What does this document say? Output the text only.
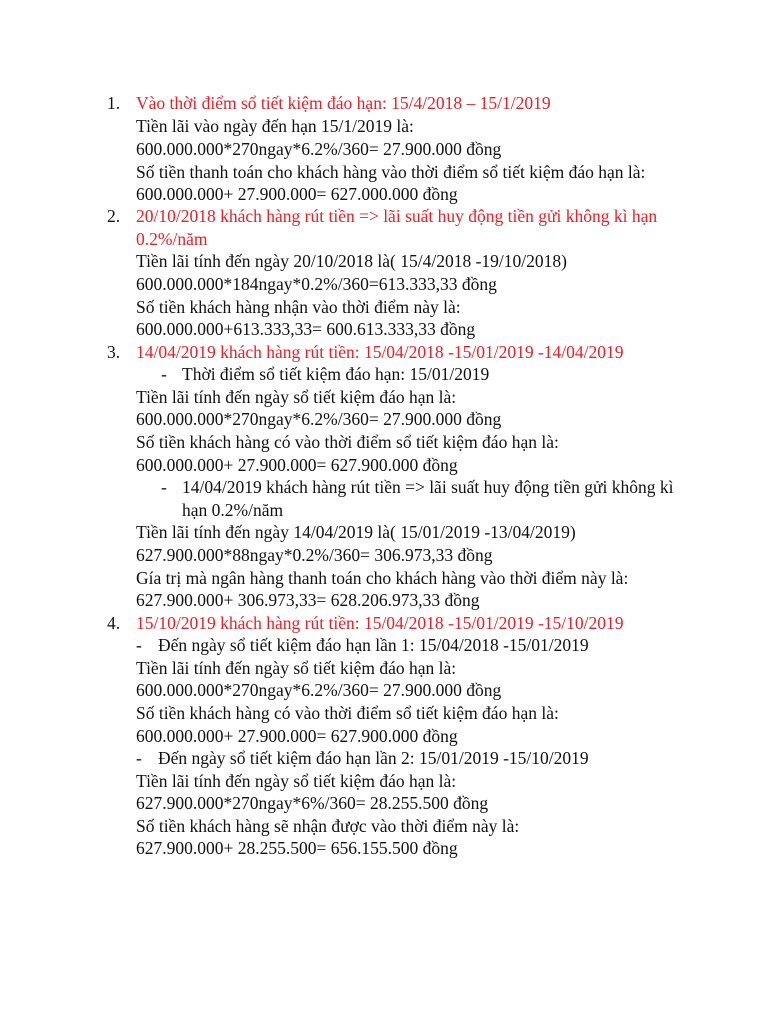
1. Vào thời điểm sổ tiết kiệm đáo hạn: 15/4/2018 – 15/1/2019
Tiền lãi vào ngày đến hạn 15/1/2019 là:
600.000.000*270ngay*6.2%/360= 27.900.000 đồng
Số tiền thanh toán cho khách hàng vào thời điểm sổ tiết kiệm đáo hạn là:
600.000.000+ 27.900.000= 627.000.000 đồng
2. 20/10/2018 khách hàng rút tiền => lãi suất huy động tiền gửi không kì hạn
0.2%/năm
Tiền lãi tính đến ngày 20/10/2018 là( 15/4/2018 -19/10/2018)
600.000.000*184ngay*0.2%/360=613.333,33 đồng
Số tiền khách hàng nhận vào thời điểm này là:
600.000.000+613.333,33= 600.613.333,33 đồng
3. 14/04/2019 khách hàng rút tiền: 15/04/2018 -15/01/2019 -14/04/2019
- Thời điểm sổ tiết kiệm đáo hạn: 15/01/2019
Tiền lãi tính đến ngày sổ tiết kiệm đáo hạn là:
600.000.000*270ngay*6.2%/360= 27.900.000 đồng
Số tiền khách hàng có vào thời điểm sổ tiết kiệm đáo hạn là:
600.000.000+ 27.900.000= 627.900.000 đồng
- 14/04/2019 khách hàng rút tiền => lãi suất huy động tiền gửi không kì
hạn 0.2%/năm
Tiền lãi tính đến ngày 14/04/2019 là( 15/01/2019 -13/04/2019)
627.900.000*88ngay*0.2%/360= 306.973,33 đồng
Gía trị mà ngân hàng thanh toán cho khách hàng vào thời điểm này là:
627.900.000+ 306.973,33= 628.206.973,33 đồng
4. 15/10/2019 khách hàng rút tiền: 15/04/2018 -15/01/2019 -15/10/2019
- Đến ngày sổ tiết kiệm đáo hạn lần 1: 15/04/2018 -15/01/2019
Tiền lãi tính đến ngày sổ tiết kiệm đáo hạn là:
600.000.000*270ngay*6.2%/360= 27.900.000 đồng
Số tiền khách hàng có vào thời điểm sổ tiết kiệm đáo hạn là:
600.000.000+ 27.900.000= 627.900.000 đồng
- Đến ngày sổ tiết kiệm đáo hạn lần 2: 15/01/2019 -15/10/2019
Tiền lãi tính đến ngày sổ tiết kiệm đáo hạn là:
627.900.000*270ngay*6%/360= 28.255.500 đồng
Số tiền khách hàng sẽ nhận được vào thời điểm này là:
627.900.000+ 28.255.500= 656.155.500 đồng
